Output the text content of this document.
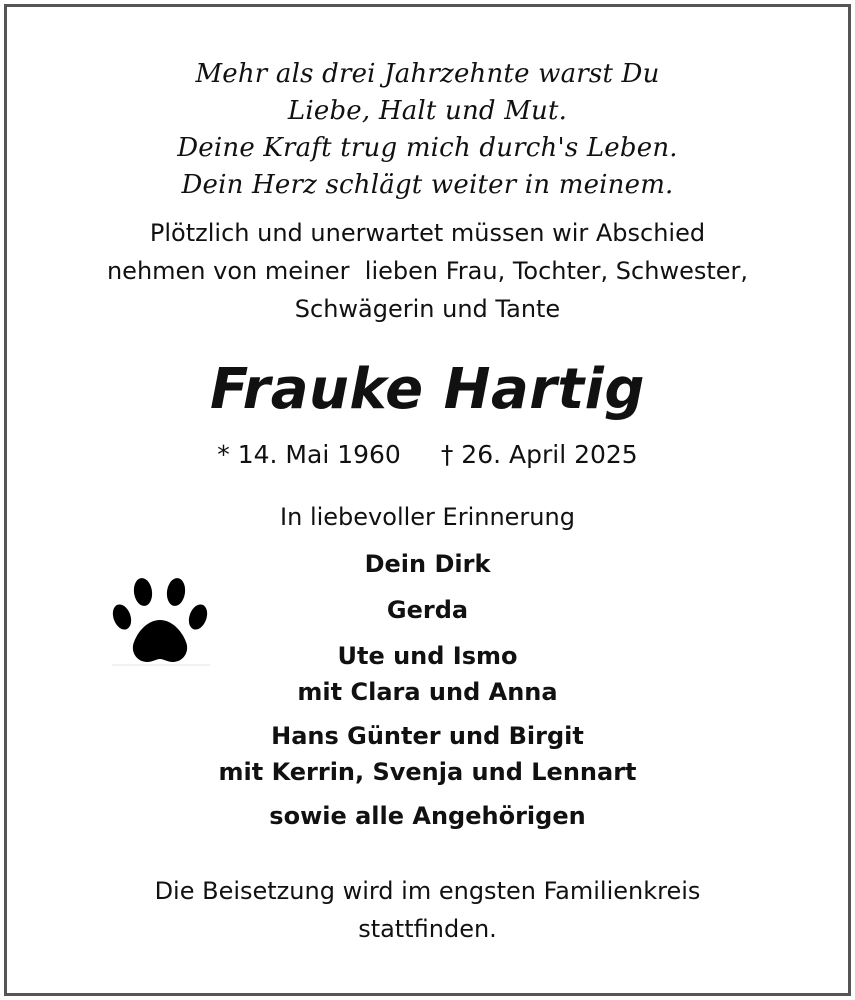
Mehr als drei Jahrzehnte warst Du
Liebe, Halt und Mut.
Deine Kraft trug mich durch's Leben.
Dein Herz schlägt weiter in meinem.
Plötzlich und unerwartet müssen wir Abschied
nehmen von meiner  lieben Frau, Tochter, Schwester,
Schwägerin und Tante
Frauke Hartig
* 14. Mai 1960 † 26. April 2025
In liebevoller Erinnerung
Dein Dirk
Gerda
Ute und Ismo
mit Clara und Anna
Hans Günter und Birgit
mit Kerrin, Svenja und Lennart
sowie alle Angehörigen
Die Beisetzung wird im engsten Familienkreis
stattfinden.
